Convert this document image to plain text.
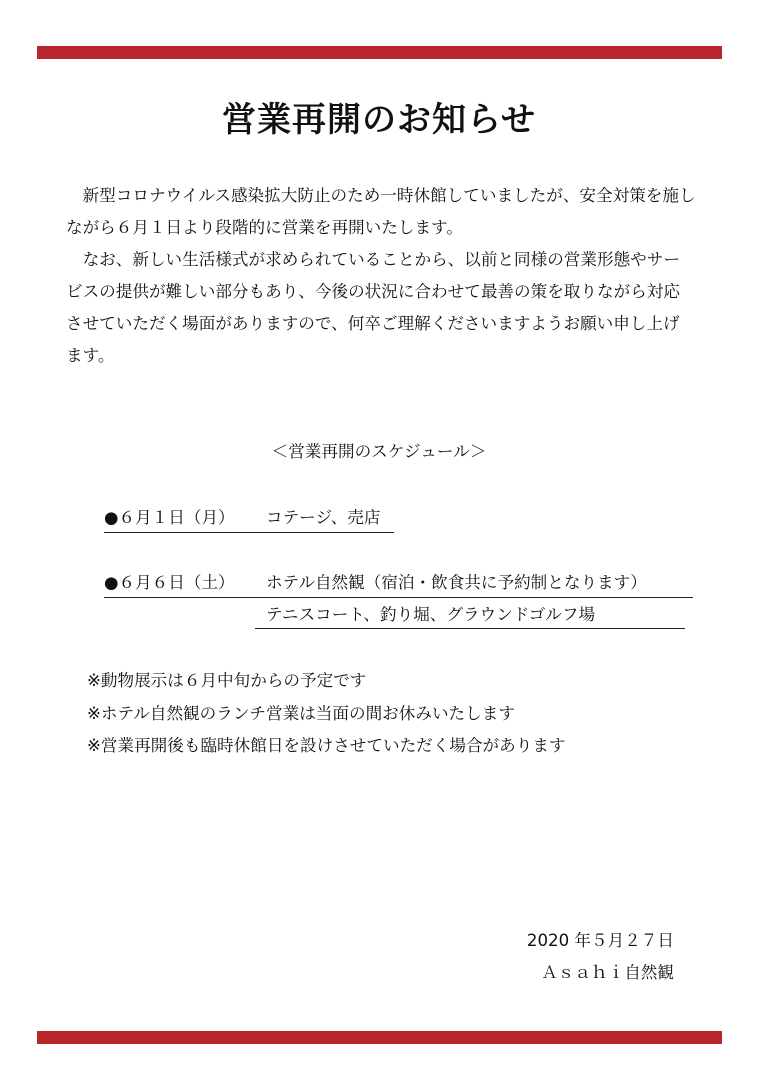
営業再開のお知らせ

新型コロナウイルス感染拡大防止のため一時休館していましたが、安全対策を施しながら６月１日より段階的に営業を再開いたします。

なお、新しい生活様式が求められていることから、以前と同様の営業形態やサービスの提供が難しい部分もあり、今後の状況に合わせて最善の策を取りながら対応させていただく場面がありますので、何卒ご理解くださいますようお願い申し上げます。

＜営業再開のスケジュール＞
●６月１日（月） コテージ、売店
●６月６日（土） ホテル自然観（宿泊・飲食共に予約制となります）
テニスコート、釣り堀、グラウンドゴルフ場
※動物展示は６月中旬からの予定です
※ホテル自然観のランチ営業は当面の間お休みいたします
※営業再開後も臨時休館日を設けさせていただく場合があります
2020 年５月２７日
Ａｓａｈｉ自然観
